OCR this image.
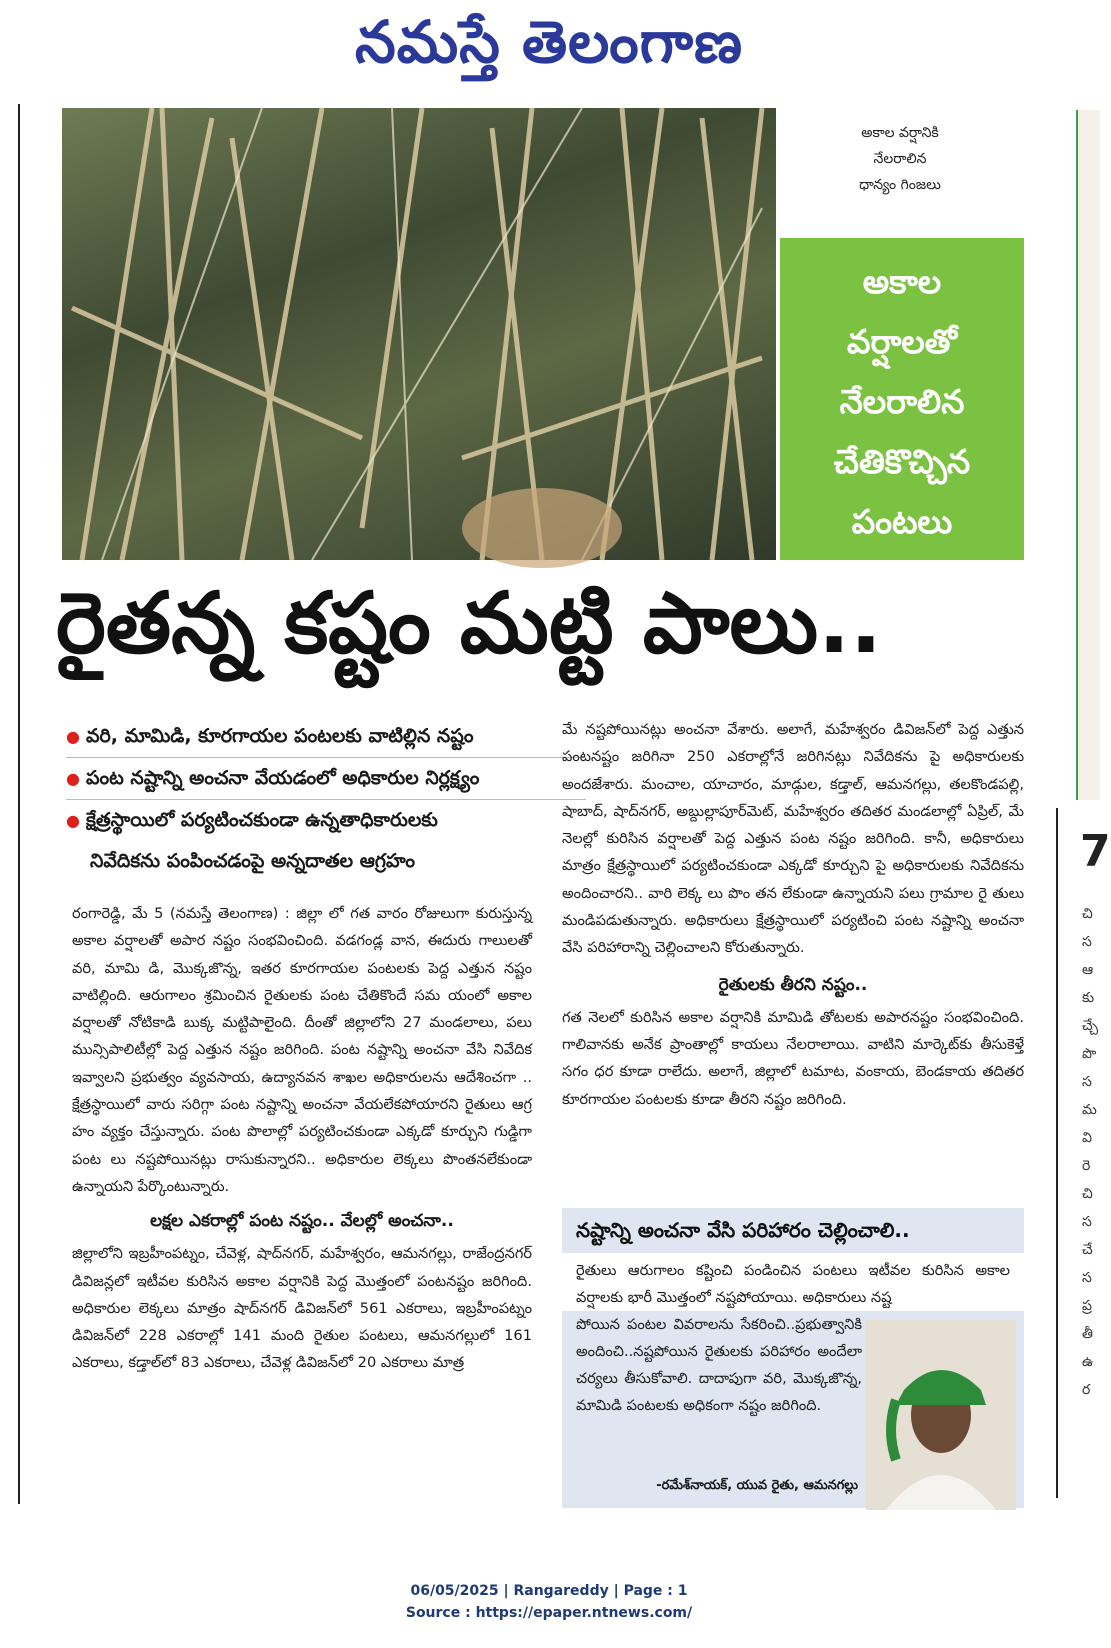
నమస్తే తెలంగాణ
అకాల వర్షానికి
నేలరాలిన
ధాన్యం గింజలు
అకాల
వర్షాలతో
నేలరాలిన
చేతికొచ్చిన
పంటలు
రైతన్న కష్టం మట్టి పాలు..
● వరి, మామిడి, కూరగాయల పంటలకు వాటిల్లిన నష్టం
● పంట నష్టాన్ని అంచనా వేయడంలో అధికారుల నిర్లక్ష్యం
● క్షేత్రస్థాయిలో పర్యటించకుండా ఉన్నతాధికారులకు
నివేదికను పంపించడంపై అన్నదాతల ఆగ్రహం
రంగారెడ్డి, మే 5 (నమస్తే తెలంగాణ) : జిల్లా లో గత వారం రోజులుగా కురుస్తున్న అకాల వర్షాలతో అపార నష్టం సంభవించింది. వడగండ్ల వాన, ఈదురు గాలులతో వరి, మామి డి, మొక్కజొన్న, ఇతర కూరగాయల పంటలకు పెద్ద ఎత్తున నష్టం వాటిల్లింది. ఆరుగాలం శ్రమించిన రైతులకు పంట చేతికొందే సమ యంలో అకాల వర్షాలతో నోటికాడి బుక్క మట్టిపాలైంది. దీంతో జిల్లాలోని 27 మండలాలు, పలు మున్సిపాలిటీల్లో పెద్ద ఎత్తున నష్టం జరిగింది. పంట నష్టాన్ని అంచనా వేసి నివేదిక ఇవ్వాలని ప్రభుత్వం వ్యవసాయ, ఉద్యానవన శాఖల అధికారులను ఆదేశించగా .. క్షేత్రస్థాయిలో వారు సరిగ్గా పంట నష్టాన్ని అంచనా వేయలేకపోయారని రైతులు ఆగ్ర హం వ్యక్తం చేస్తున్నారు. పంట పొలాల్లో పర్యటించకుండా ఎక్కడో కూర్చుని గుడ్డిగా పంట లు నష్టపోయినట్లు రాసుకున్నారని.. అధికారుల లెక్కలు పొంతనలేకుండా ఉన్నాయని పేర్కొంటున్నారు.
లక్షల ఎకరాల్లో పంట నష్టం.. వేలల్లో అంచనా..
జిల్లాలోని ఇబ్రహీంపట్నం, చేవెళ్ల, షాద్‌నగర్, మహేశ్వరం, ఆమనగల్లు, రాజేంద్రనగర్ డివిజన్లలో ఇటీవల కురిసిన అకాల వర్షానికి పెద్ద మొత్తంలో పంటనష్టం జరిగింది. అధికారుల లెక్కలు మాత్రం షాద్‌నగర్ డివిజన్‌లో 561 ఎకరాలు, ఇబ్రహీంపట్నం డివిజన్‌లో 228 ఎకరాల్లో 141 మంది రైతుల పంటలు, ఆమనగల్లులో 161 ఎకరాలు, కడ్తాల్‌లో 83 ఎకరాలు, చేవెళ్ల డివిజన్‌లో 20 ఎకరాలు మాత్ర
మే నష్టపోయినట్లు అంచనా వేశారు. అలాగే, మహేశ్వరం డివిజన్‌లో పెద్ద ఎత్తున పంటనష్టం జరిగినా 250 ఎకరాల్లోనే జరిగినట్లు నివేదికను పై అధికారులకు అందజేశారు. మంచాల, యాచారం, మాడ్గుల, కడ్తాల్, ఆమనగల్లు, తలకొండపల్లి, షాబాద్, షాద్‌నగర్, అబ్దుల్లాపూర్‌మెట్, మహేశ్వరం తదితర మండలాల్లో ఏప్రిల్, మే నెలల్లో కురిసిన వర్షాలతో పెద్ద ఎత్తున పంట నష్టం జరిగింది. కానీ, అధికారులు మాత్రం క్షేత్రస్థాయిలో పర్యటించకుండా ఎక్కడో కూర్చుని పై అధికారులకు నివేదికను అందించారని.. వారి లెక్క లు పొం తన లేకుండా ఉన్నాయని పలు గ్రామాల రై తులు మండిపడుతున్నారు. అధికారులు క్షేత్రస్థాయిలో పర్యటించి పంట నష్టాన్ని అంచనా వేసి పరిహారాన్ని చెల్లించాలని కోరుతున్నారు.
రైతులకు తీరని నష్టం..
గత నెలలో కురిసిన అకాల వర్షానికి మామిడి తోటలకు అపారనష్టం సంభవించింది. గాలివానకు అనేక ప్రాంతాల్లో కాయలు నేలరాలాయి. వాటిని మార్కెట్‌కు తీసుకెళ్తే సగం ధర కూడా రాలేదు. అలాగే, జిల్లాలో టమాట, వంకాయ, బెండకాయ తదితర కూరగాయల పంటలకు కూడా తీరని నష్టం జరిగింది.
నష్టాన్ని అంచనా వేసి పరిహారం చెల్లించాలి..
రైతులు ఆరుగాలం కష్టించి పండించిన పంటలు ఇటీవల కురిసిన అకాల వర్షాలకు భారీ మొత్తంలో నష్టపోయాయి. అధికారులు నష్ట
పోయిన పంటల వివరాలను సేకరించి..ప్రభుత్వానికి అందించి..నష్టపోయిన రైతులకు పరిహారం అందేలా చర్యలు తీసుకోవాలి. దాదాపుగా వరి, మొక్కజొన్న, మామిడి పంటలకు అధికంగా నష్టం జరిగింది.
-రమేశ్‌నాయక్, యువ రైతు, ఆమనగల్లు
7
చి
స
ఆ
కు
చ్చే
పొ
స
మ
వి
రె
చి
స
చే
స
ప్ర
తీ
ఉ
ర
06/05/2025 | Rangareddy | Page : 1
Source : https://epaper.ntnews.com/
